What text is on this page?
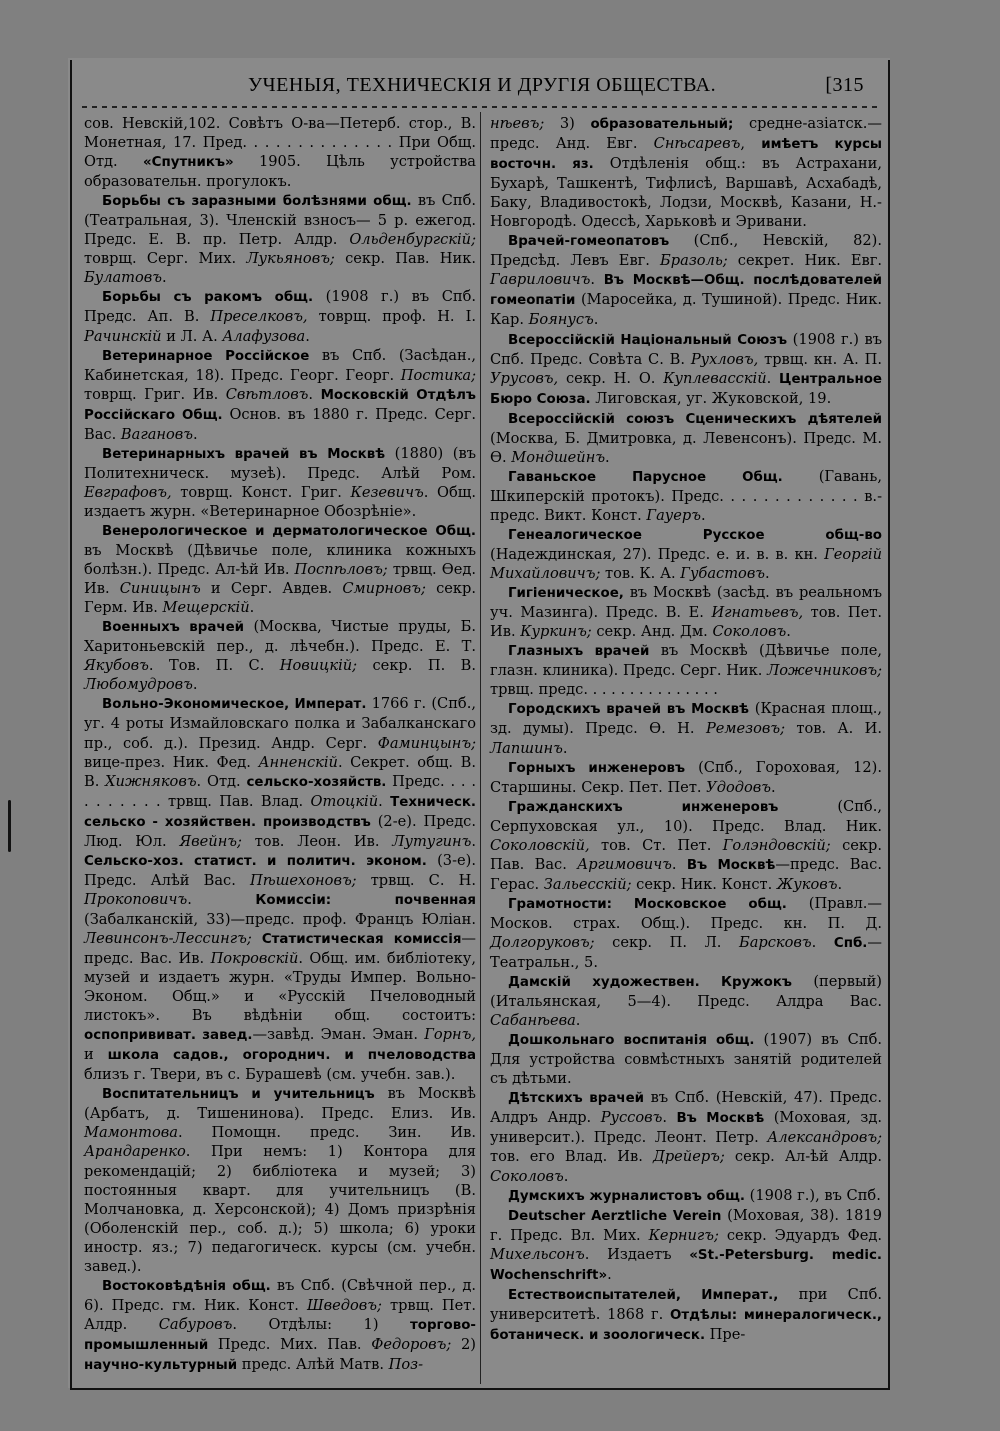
УЧЕНЫЯ, ТЕХНИЧЕСКІЯ И ДРУГІЯ ОБЩЕСТВА.	[315

сов. Невскій,102. Совѣтъ О-ва—Петерб. стор., В. Монетная, 17. Пред. . . . . . . . . . . . . . При Общ. Отд. «Спутникъ» 1905. Цѣль устройства образовательн. прогулокъ.

Борьбы съ заразными болѣзнями общ. въ Спб. (Театральная, 3). Членскій взносъ— 5 р. ежегод. Предс. Е. В. пр. Петр. Алдр. Ольденбургскій; товрщ. Серг. Мих. Лукьяновъ; секр. Пав. Ник. Булатовъ.

Борьбы съ ракомъ общ. (1908 г.) въ Спб. Предс. Ап. В. Преселковъ, товрщ. проф. Н. І. Рачинскій и Л. А. Алафузова.

Ветеринарное Россійское въ Спб. (Засѣдан., Кабинетская, 18). Предс. Георг. Георг. Постика; товрщ. Григ. Ив. Свѣтловъ. Московскій Отдѣлъ Россійскаго Общ. Основ. въ 1880 г. Предс. Серг. Вас. Вагановъ.

Ветеринарныхъ врачей въ Москвѣ (1880) (въ Политехническ. музеѣ). Предс. Алѣй Ром. Евграфовъ, товрщ. Конст. Григ. Кезевичъ. Общ. издаетъ журн. «Ветеринарное Обозрѣніе».

Венерологическое и дерматологическое Общ. въ Москвѣ (Дѣвичье поле, клиника кожныхъ болѣзн.). Предс. Ал-ѣй Ив. Поспѣловъ; трвщ. Ѳед. Ив. Синицынъ и Серг. Авдев. Смирновъ; секр. Герм. Ив. Мещерскій.

Военныхъ врачей (Москва, Чистые пруды, Б. Харитоньевскій пер., д. лѣчебн.). Предс. Е. Т. Якубовъ. Тов. П. С. Новицкій; секр. П. В. Любомудровъ.

Вольно-Экономическое, Императ. 1766 г. (Спб., уг. 4 роты Измайловскаго полка и Забалканскаго пр., соб. д.). Презид. Андр. Серг. Фаминцынъ; вице-през. Ник. Фед. Анненскій. Секрет. общ. В. В. Хижняковъ. Отд. сельско-хозяйств. Предс. . . . . . . . . . . трвщ. Пав. Влад. Отоцкій. Техническ. сельско - хозяйствен. производствъ (2-е). Предс. Люд. Юл. Явейнъ; тов. Леон. Ив. Лутугинъ. Сельско-хоз. статист. и политич. эконом. (3-е). Предс. Алѣй Вас. Пѣшехоновъ; трвщ. С. Н. Прокоповичъ. Комиссіи: почвенная (Забалканскій, 33)—предс. проф. Францъ Юліан. Левинсонъ-Лессингъ; Статистическая комиссія—предс. Вас. Ив. Покровскій. Общ. им. библіотеку, музей и издаетъ журн. «Труды Импер. Вольно-Эконом. Общ.» и «Русскій Пчеловодный листокъ». Въ вѣдѣніи общ. состоитъ: оспопрививат. завед.—завѣд. Эман. Эман. Горнъ, и школа садов., огороднич. и пчеловодства близъ г. Твери, въ с. Бурашевѣ (см. учебн. зав.).

Воспитательницъ и учительницъ въ Москвѣ (Арбатъ, д. Тишенинова). Предс. Елиз. Ив. Мамонтова. Помощн. предс. Зин. Ив. Арандаренко. При немъ: 1) Контора для рекомендацій; 2) библіотека и музей; 3) постоянныя кварт. для учительницъ (В. Молчановка, д. Херсонской); 4) Домъ призрѣнія (Оболенскій пер., соб. д.); 5) школа; 6) уроки иностр. яз.; 7) педагогическ. курсы (см. учебн. завед.).

Востоковѣдѣнія общ. въ Спб. (Свѣчной пер., д. 6). Предс. гм. Ник. Конст. Шведовъ; трвщ. Пет. Алдр. Сабуровъ. Отдѣлы: 1) торгово-промышленный Предс. Мих. Пав. Федоровъ; 2) научно-культурный предс. Алѣй Матв. Поз-

нѣевъ; 3) образовательный; средне-азіатск.— предс. Анд. Евг. Снѣсаревъ, имѣетъ курсы восточн. яз. Отдѣленія общ.: въ Астрахани, Бухарѣ, Ташкентѣ, Тифлисѣ, Варшавѣ, Асхабадѣ, Баку, Владивостокѣ, Лодзи, Москвѣ, Казани, Н.-Новгородѣ. Одессѣ, Харьковѣ и Эривани.

Врачей-гомеопатовъ (Спб., Невскій, 82). Предсѣд. Левъ Евг. Бразоль; секрет. Ник. Евг. Гавриловичъ. Въ Москвѣ—Общ. послѣдователей гомеопатіи (Маросейка, д. Тушиной). Предс. Ник. Кар. Боянусъ.

Всероссійскій Національный Союзъ (1908 г.) въ Спб. Предс. Совѣта С. В. Рухловъ, трвщ. кн. А. П. Урусовъ, секр. Н. О. Куплевасскій. Центральное Бюро Союза. Лиговская, уг. Жуковской, 19.

Всероссійскій союзъ Сценическихъ дѣятелей (Москва, Б. Дмитровка, д. Левенсонъ). Предс. М. Ѳ. Мондшейнъ.

Гаваньское Парусное Общ. (Гавань, Шкиперскій протокъ). Предс. . . . . . . . . . . . . в.-предс. Викт. Конст. Гауеръ.

Генеалогическое Русское общ-во (Надеждинская, 27). Предс. е. и. в. в. кн. Георгій Михайловичъ; тов. К. А. Губастовъ.

Гигіеническое, въ Москвѣ (засѣд. въ реальномъ уч. Мазинга). Предс. В. Е. Игнатьевъ, тов. Пет. Ив. Куркинъ; секр. Анд. Дм. Соколовъ.

Глазныхъ врачей въ Москвѣ (Дѣвичье поле, глазн. клиника). Предс. Серг. Ник. Ложечниковъ; трвщ. предс. . . . . . . . . . . . . . .

Городскихъ врачей въ Москвѣ (Красная площ., зд. думы). Предс. Ѳ. Н. Ремезовъ; тов. А. И. Лапшинъ.

Горныхъ инженеровъ (Спб., Гороховая, 12). Старшины. Секр. Пет. Пет. Удодовъ.

Гражданскихъ инженеровъ (Спб., Серпуховская ул., 10). Предс. Влад. Ник. Соколовскій, тов. Ст. Пет. Голэндовскій; секр. Пав. Вас. Аргимовичъ. Въ Москвѣ—предс. Вас. Герас. Зальесскій; секр. Ник. Конст. Жуковъ.

Грамотности: Московское общ. (Правл.— Москов. страх. Общ.). Предс. кн. П. Д. Долгоруковъ; секр. П. Л. Барсковъ. Спб.—Театральн., 5.

Дамскій художествен. Кружокъ (первый) (Итальянская, 5—4). Предс. Алдра Вас. Сабанѣева.

Дошкольнаго воспитанія общ. (1907) въ Спб. Для устройства совмѣстныхъ занятій родителей съ дѣтьми.

Дѣтскихъ врачей въ Спб. (Невскій, 47). Предс. Алдръ Андр. Руссовъ. Въ Москвѣ (Моховая, зд. университ.). Предс. Леонт. Петр. Александровъ; тов. его Влад. Ив. Дрейеръ; секр. Ал-ѣй Алдр. Соколовъ.

Думскихъ журналистовъ общ. (1908 г.), въ Спб.

Deutscher Aerztliche Verein (Моховая, 38). 1819 г. Предс. Вл. Мих. Кернигъ; секр. Эдуардъ Фед. Михельсонъ. Издаетъ «St.-Petersburg. medic. Wochenschrift».

Естествоиспытателей, Императ., при Спб. университетѣ. 1868 г. Отдѣлы: минералогическ., ботаническ. и зоологическ. Пре-
